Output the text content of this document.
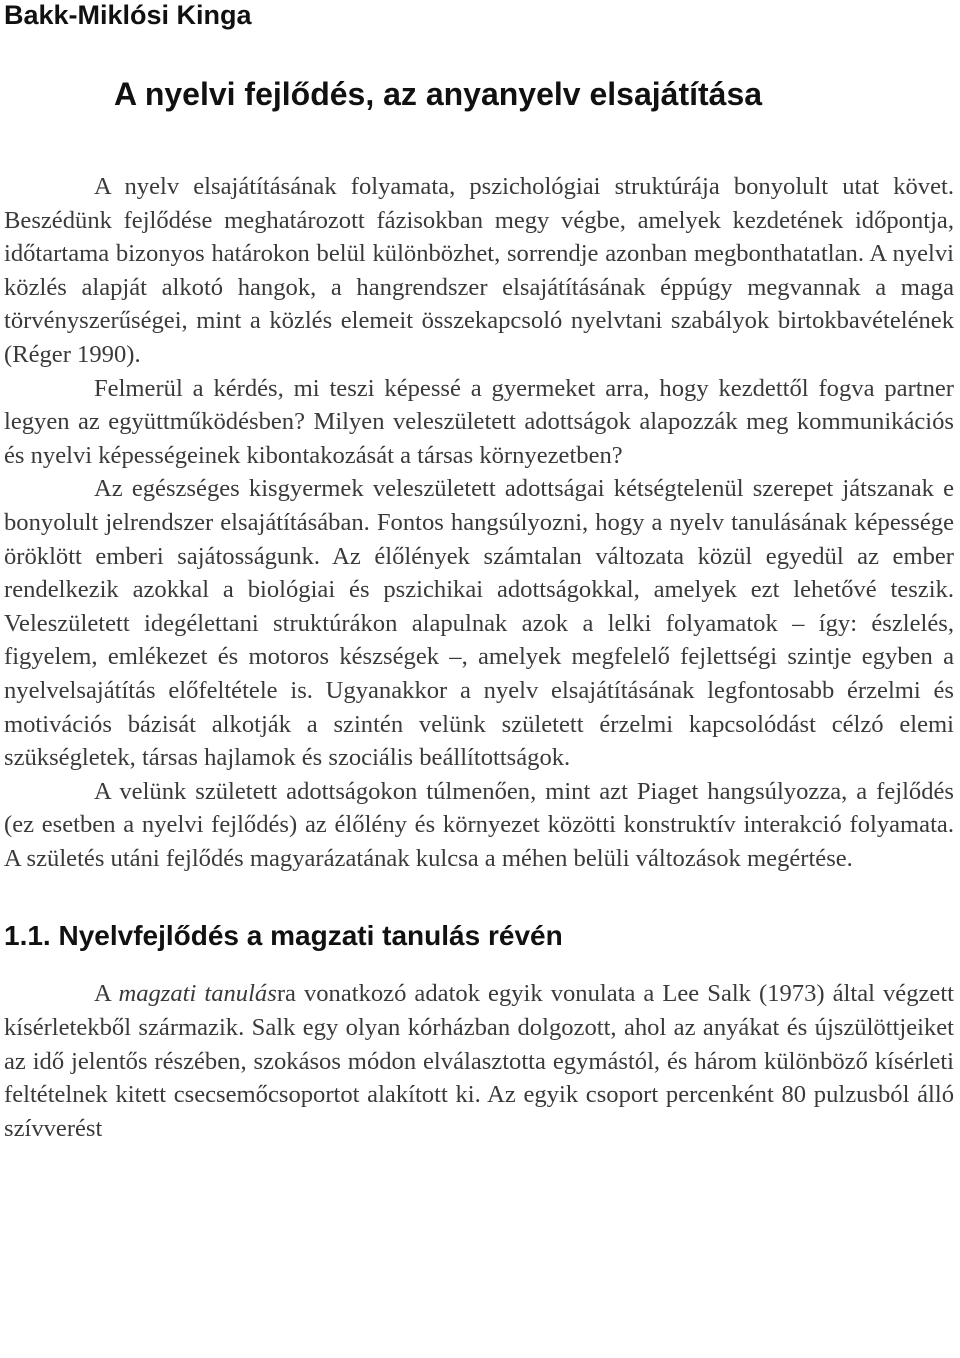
Bakk-Miklósi Kinga
A nyelvi fejlődés, az anyanyelv elsajátítása

A nyelv elsajátításának folyamata, pszichológiai struktúrája bonyolult utat követ. Beszédünk fejlődése meghatározott fázisokban megy végbe, amelyek kezdetének időpontja, időtartama bizonyos határokon belül különbözhet, sorrendje azonban megbonthatatlan. A nyelvi közlés alapját alkotó hangok, a hangrendszer elsajátításának éppúgy megvannak a maga törvényszerűségei, mint a közlés elemeit összekapcsoló nyelvtani szabályok birtokbavételének (Réger 1990).

Felmerül a kérdés, mi teszi képessé a gyermeket arra, hogy kezdettől fogva partner legyen az együttműködésben? Milyen veleszületett adottságok alapozzák meg kommunikációs és nyelvi képességeinek kibontakozását a társas környezetben?

Az egészséges kisgyermek veleszületett adottságai kétségtelenül szerepet játszanak e bonyolult jelrendszer elsajátításában. Fontos hangsúlyozni, hogy a nyelv tanulásának képessége öröklött emberi sajátosságunk. Az élőlények számtalan változata közül egyedül az ember rendelkezik azokkal a biológiai és pszichikai adottságokkal, amelyek ezt lehetővé teszik. Veleszületett idegélettani struktúrákon alapulnak azok a lelki folyamatok – így: észlelés, figyelem, emlékezet és motoros készségek –, amelyek megfelelő fejlettségi szintje egyben a nyelvelsajátítás előfeltétele is. Ugyanakkor a nyelv elsajátításának legfontosabb érzelmi és motivációs bázisát alkotják a szintén velünk született érzelmi kapcsolódást célzó elemi szükségletek, társas hajlamok és szociális beállítottságok.

A velünk született adottságokon túlmenően, mint azt Piaget hangsúlyozza, a fejlődés (ez esetben a nyelvi fejlődés) az élőlény és környezet közötti konstruktív interakció folyamata. A születés utáni fejlődés magyarázatának kulcsa a méhen belüli változások megértése.

1.1. Nyelvfejlődés a magzati tanulás révén

A magzati tanulásra vonatkozó adatok egyik vonulata a Lee Salk (1973) által végzett kísérletekből származik. Salk egy olyan kórházban dolgozott, ahol az anyákat és újszülöttjeiket az idő jelentős részében, szokásos módon elválasztotta egymástól, és három különböző kísérleti feltételnek kitett csecsemőcsoportot alakított ki. Az egyik csoport percenként 80 pulzusból álló szívverést
